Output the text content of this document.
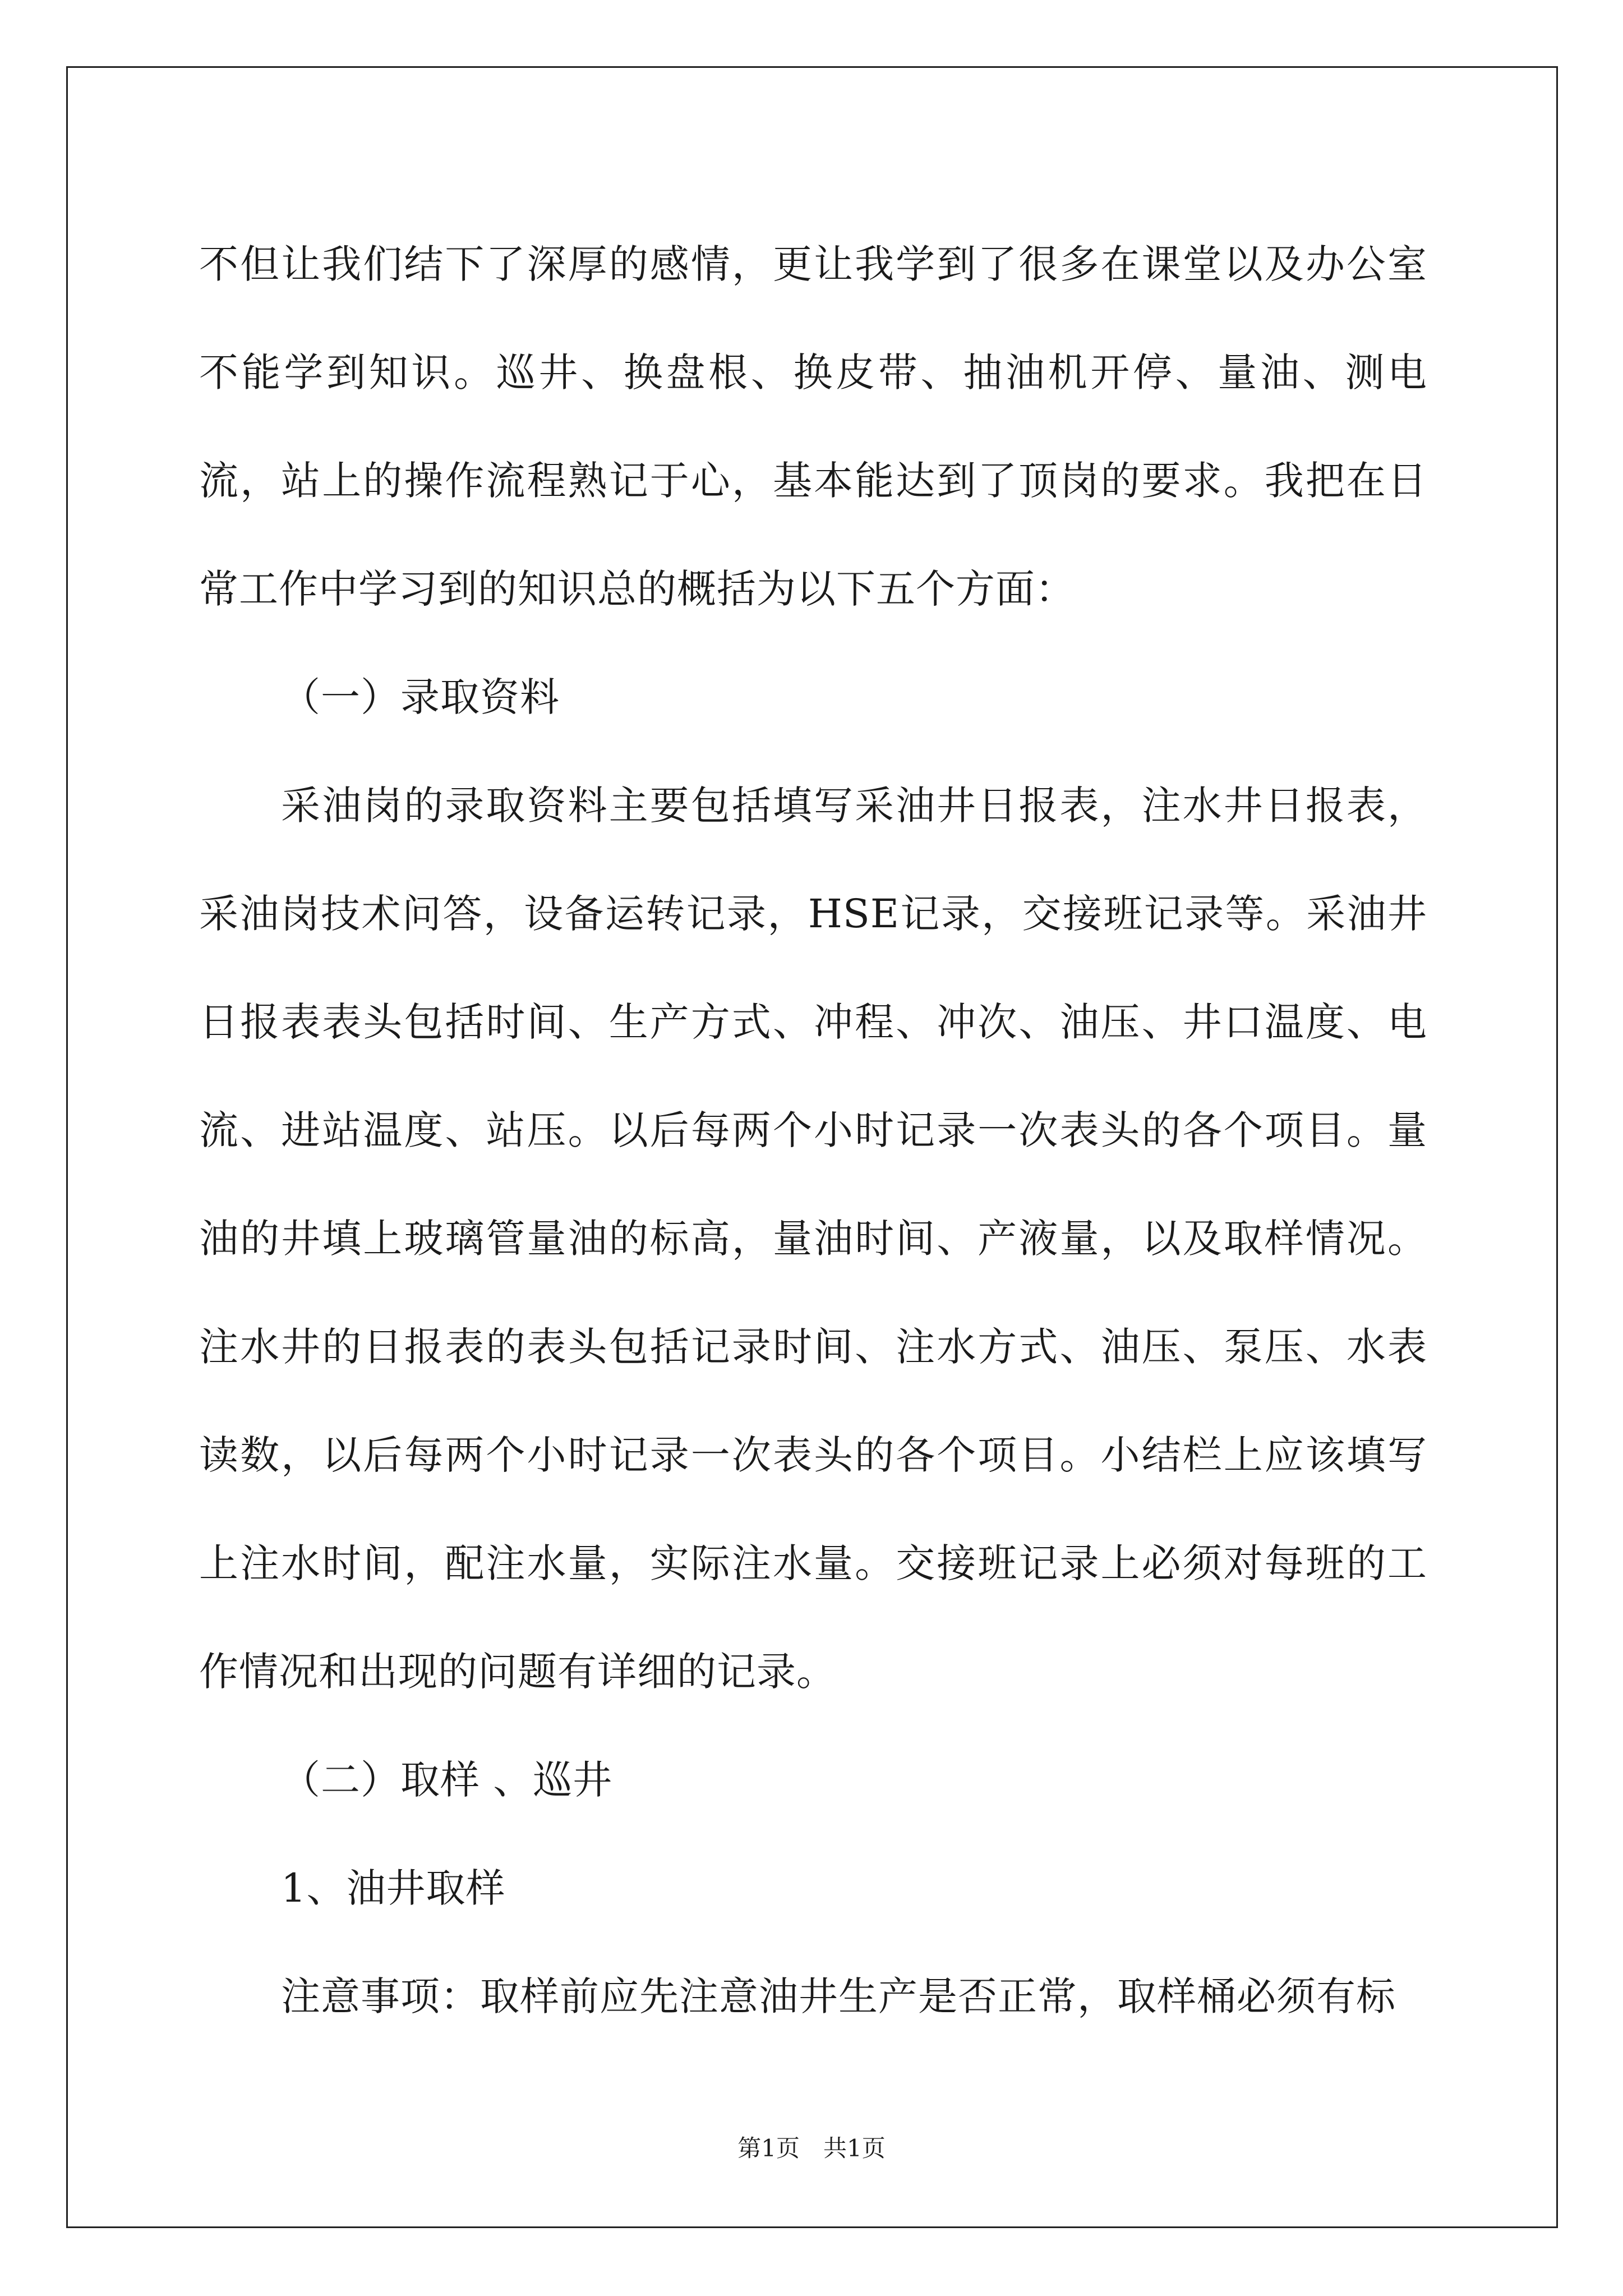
不但让我们结下了深厚的感情，更让我学到了很多在课堂以及办公室不能学到知识。巡井、换盘根、换皮带、抽油机开停、量油、测电流，站上的操作流程熟记于心，基本能达到了顶岗的要求。我把在日常工作中学习到的知识总的概括为以下五个方面：

（一）录取资料

采油岗的录取资料主要包括填写采油井日报表，注水井日报表，采油岗技术问答，设备运转记录，HSE记录，交接班记录等。采油井日报表表头包括时间、生产方式、冲程、冲次、油压、井口温度、电流、进站温度、站压。以后每两个小时记录一次表头的各个项目。量油的井填上玻璃管量油的标高，量油时间、产液量，以及取样情况。注水井的日报表的表头包括记录时间、注水方式、油压、泵压、水表读数，以后每两个小时记录一次表头的各个项目。小结栏上应该填写上注水时间，配注水量，实际注水量。交接班记录上必须对每班的工作情况和出现的问题有详细的记录。

（二）取样 、巡井

1、油井取样

注意事项：取样前应先注意油井生产是否正常，取样桶必须有标

第1页　共1页
